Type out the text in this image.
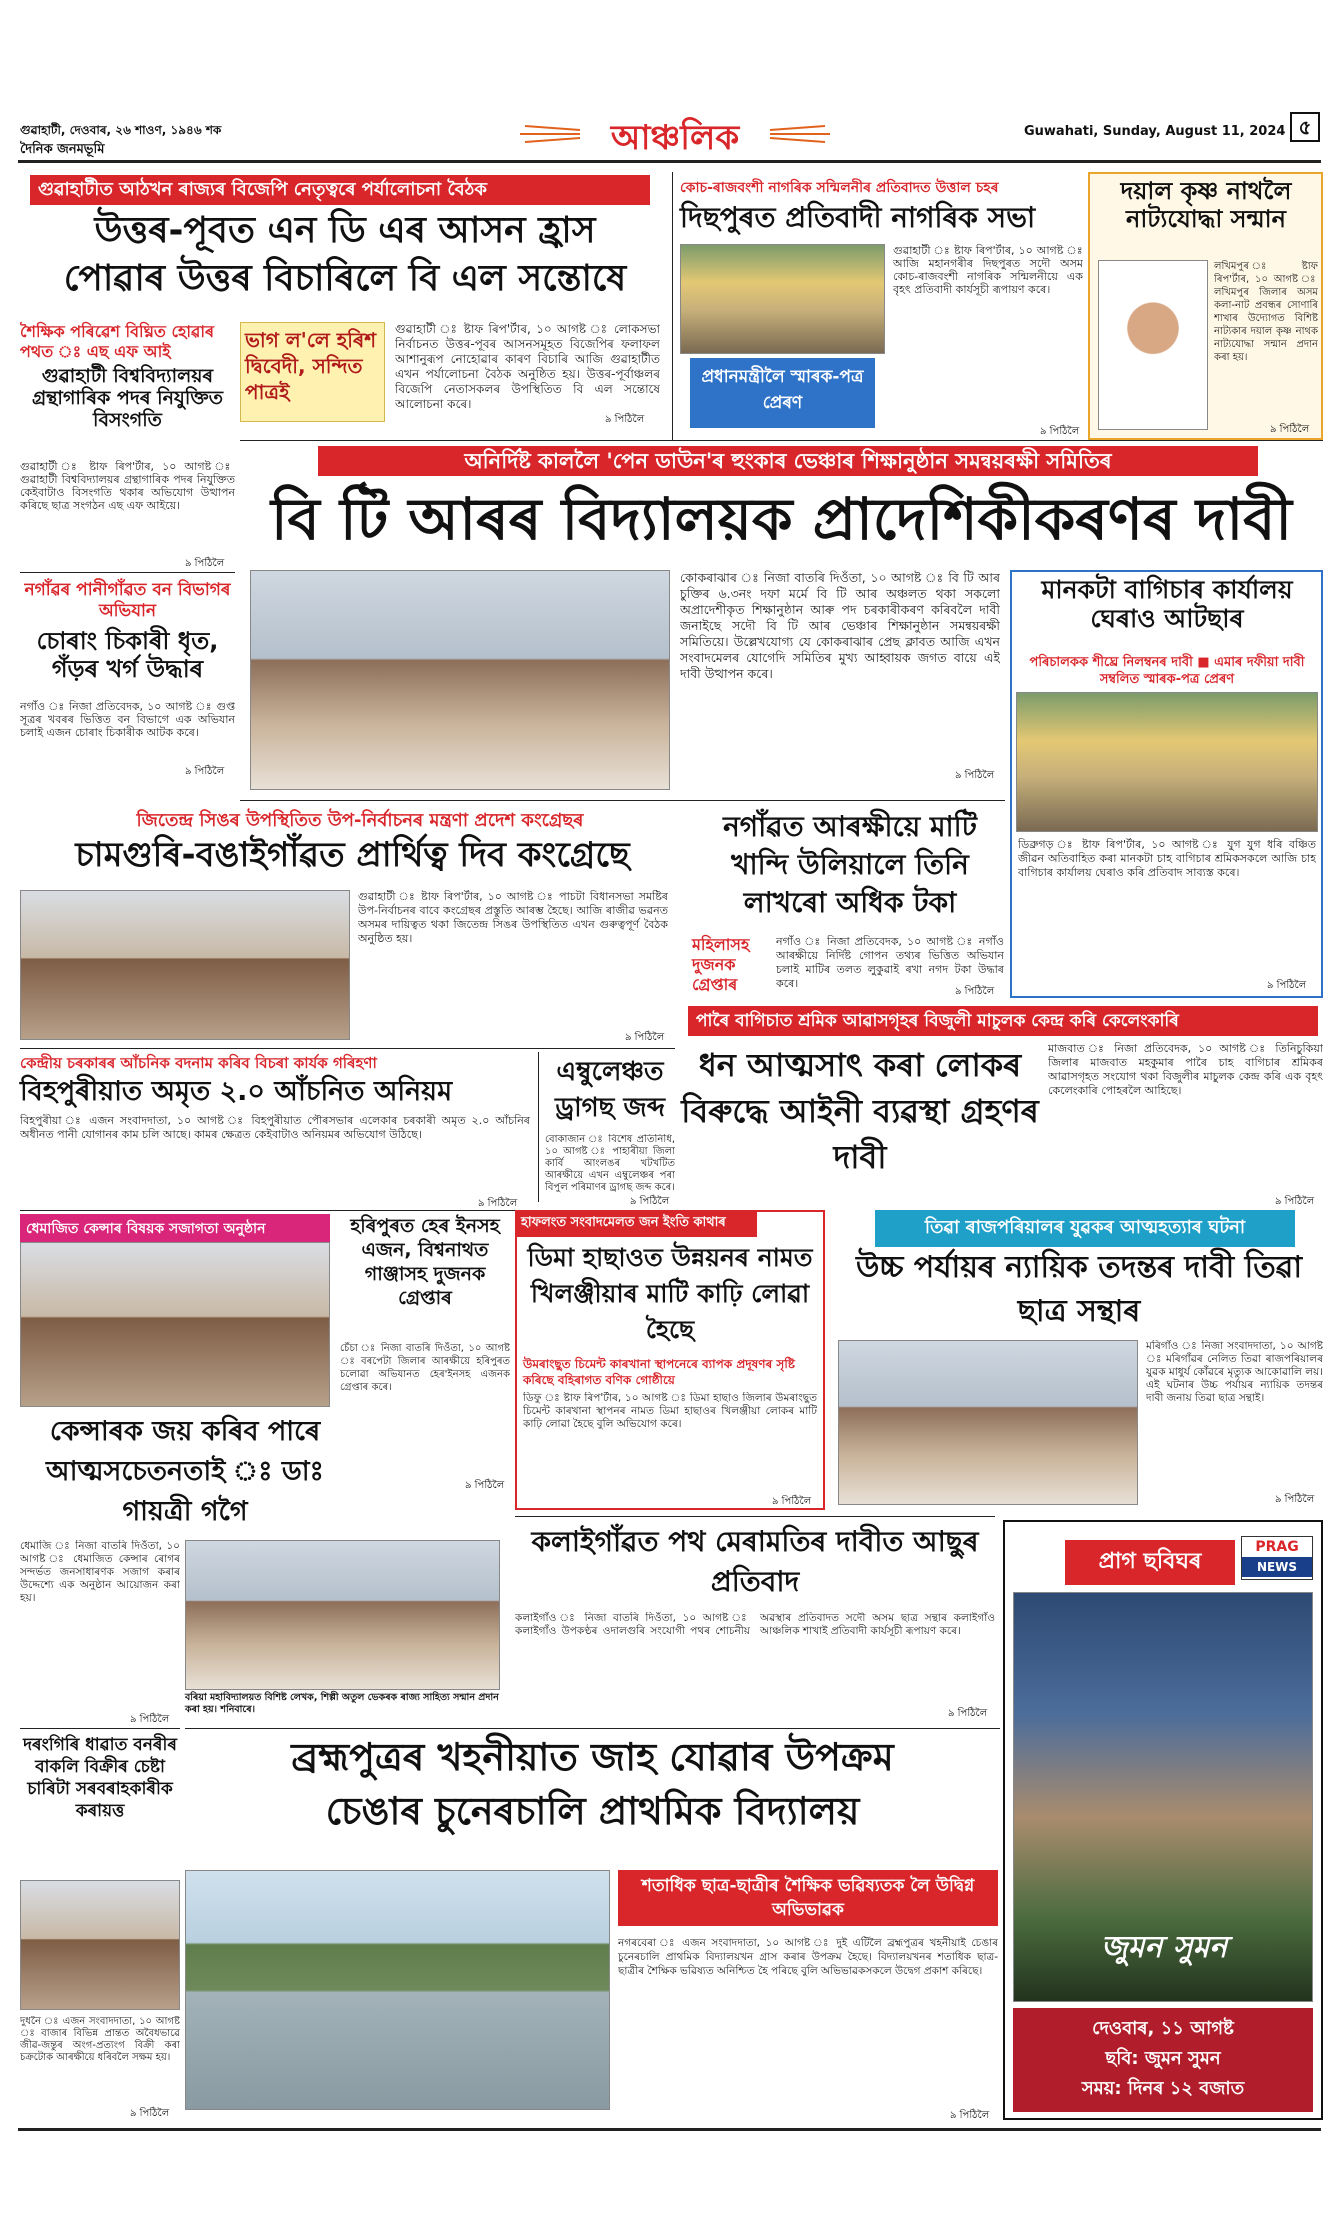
গুৱাহাটী, দেওবাৰ, ২৬ শাওণ, ১৯৪৬ শক
দৈনিক জনমভূমি	আঞ্চলিক	Guwahati, Sunday, August 11, 2024 ৫
গুৱাহাটীত আঠখন ৰাজ্যৰ বিজেপি নেতৃত্বৰে পৰ্যালোচনা বৈঠক
উত্তৰ-পূবত এন ডি এৰ আসন হ্ৰাস
পোৱাৰ উত্তৰ বিচাৰিলে বি এল সন্তোষে
ভাগ ল'লে হৰিশ দ্বিবেদী, সন্দিত পাত্ৰই
গুৱাহাটী ঃ ষ্টাফ ৰিপ'ৰ্টাৰ, ১০ আগষ্ট ঃ লোকসভা নিৰ্বাচনত উত্তৰ-পূবৰ আসনসমূহত বিজেপিৰ ফলাফল আশানুৰূপ নোহোৱাৰ কাৰণ বিচাৰি আজি গুৱাহাটীত এখন পৰ্যালোচনা বৈঠক অনুষ্ঠিত হয়। উত্তৰ-পূৰ্বাঞ্চলৰ বিজেপি নেতাসকলৰ উপস্থিতিত বি এল সন্তোষে আলোচনা কৰে।
৯ পিঠিলৈ
শৈক্ষিক পৰিৱেশ বিঘ্নিত হোৱাৰ পথত ঃ এছ এফ আই
গুৱাহাটী বিশ্ববিদ্যালয়ৰ গ্ৰন্থাগাৰিক পদৰ নিযুক্তিত বিসংগতি
গুৱাহাটী ঃ ষ্টাফ ৰিপ'ৰ্টাৰ, ১০ আগষ্ট ঃ গুৱাহাটী বিশ্ববিদ্যালয়ৰ গ্ৰন্থাগাৰিক পদৰ নিযুক্তিত কেইবাটাও বিসংগতি থকাৰ অভিযোগ উত্থাপন কৰিছে ছাত্ৰ সংগঠন এছ এফ আইয়ে।
৯ পিঠিলৈ
নগাঁৱৰ পানীগাঁৱত বন বিভাগৰ অভিযান
চোৰাং চিকাৰী ধৃত, গঁড়ৰ খৰ্গ উদ্ধাৰ
নগাঁও ঃ নিজা প্ৰতিবেদক, ১০ আগষ্ট ঃ গুপ্ত সূত্ৰৰ খবৰৰ ভিত্তিত বন বিভাগে এক অভিযান চলাই এজন চোৰাং চিকাৰীক আটক কৰে।
৯ পিঠিলৈ
কোচ-ৰাজবংশী নাগৰিক সন্মিলনীৰ প্ৰতিবাদত উত্তাল চহৰ
দিছপুৰত প্ৰতিবাদী নাগৰিক সভা
প্ৰধানমন্ত্ৰীলৈ স্মাৰক-পত্ৰ প্ৰেৰণ
গুৱাহাটী ঃ ষ্টাফ ৰিপ'ৰ্টাৰ, ১০ আগষ্ট ঃ আজি মহানগৰীৰ দিছপুৰত সদৌ অসম কোচ-ৰাজবংশী নাগৰিক সন্মিলনীয়ে এক বৃহৎ প্ৰতিবাদী কাৰ্যসূচী ৰূপায়ণ কৰে।
৯ পিঠিলৈ
দয়াল কৃষ্ণ নাথলৈ নাট্যযোদ্ধা সন্মান
লখিমপুৰ ঃ ষ্টাফ ৰিপ'ৰ্টাৰ, ১০ আগষ্ট ঃ লখিমপুৰ জিলাৰ অসম কলা-নাট প্ৰবন্ধৰ সোণাৰি শাখাৰ উদ্যোগত বিশিষ্ট নাট্যকাৰ দয়াল কৃষ্ণ নাথক নাট্যযোদ্ধা সন্মান প্ৰদান কৰা হয়।
৯ পিঠিলৈ
অনিৰ্দিষ্ট কাললৈ 'পেন ডাউন'ৰ হুংকাৰ ভেঞ্চাৰ শিক্ষানুষ্ঠান সমন্বয়ৰক্ষী সমিতিৰ
বি টি আৰৰ বিদ্যালয়ক প্ৰাদেশিকীকৰণৰ দাবী
কোকৰাঝাৰ ঃ নিজা বাতৰি দিওঁতা, ১০ আগষ্ট ঃ বি টি আৰ চুক্তিৰ ৬.৩নং দফা মৰ্মে বি টি আৰ অঞ্চলত থকা সকলো অপ্ৰাদেশীকৃত শিক্ষানুষ্ঠান আৰু পদ চৰকাৰীকৰণ কৰিবলৈ দাবী জনাইছে সদৌ বি টি আৰ ভেঞ্চাৰ শিক্ষানুষ্ঠান সমন্বয়ৰক্ষী সমিতিয়ে। উল্লেখযোগ্য যে কোকৰাঝাৰ প্ৰেছ ক্লাবত আজি এখন সংবাদমেলৰ যোগেদি সমিতিৰ মুখ্য আহ্বায়ক জগত বায়ে এই দাবী উত্থাপন কৰে।
৯ পিঠিলৈ
মানকটা বাগিচাৰ কাৰ্যালয় ঘেৰাও আটছাৰ
পৰিচালকক শীঘ্ৰে নিলম্বনৰ দাবী ■ এমাৰ দফীয়া দাবী সম্বলিত স্মাৰক-পত্ৰ প্ৰেৰণ
ডিব্ৰুগড় ঃ ষ্টাফ ৰিপ'ৰ্টাৰ, ১০ আগষ্ট ঃ যুগ যুগ ধৰি বঞ্চিত জীৱন অতিবাহিত কৰা মানকটা চাহ বাগিচাৰ শ্ৰমিকসকলে আজি চাহ বাগিচাৰ কাৰ্যালয় ঘেৰাও কৰি প্ৰতিবাদ সাব্যস্ত কৰে।
৯ পিঠিলৈ
জিতেন্দ্ৰ সিঙৰ উপস্থিতিত উপ-নিৰ্বাচনৰ মন্ত্ৰণা প্ৰদেশ কংগ্ৰেছৰ
চামগুৰি-বঙাইগাঁৱত প্ৰাৰ্থিত্ব দিব কংগ্ৰেছে
গুৱাহাটী ঃ ষ্টাফ ৰিপ'ৰ্টাৰ, ১০ আগষ্ট ঃ পাচটা বিধানসভা সমষ্টিৰ উপ-নিৰ্বাচনৰ বাবে কংগ্ৰেছৰ প্ৰস্তুতি আৰম্ভ হৈছে। আজি ৰাজীৱ ভৱনত অসমৰ দায়িত্বত থকা জিতেন্দ্ৰ সিঙৰ উপস্থিতিত এখন গুৰুত্বপূৰ্ণ বৈঠক অনুষ্ঠিত হয়।
৯ পিঠিলৈ
নগাঁৱত আৰক্ষীয়ে মাটি খান্দি উলিয়ালে তিনি লাখৰো অধিক টকা
মহিলাসহ দুজনক গ্ৰেপ্তাৰ
নগাঁও ঃ নিজা প্ৰতিবেদক, ১০ আগষ্ট ঃ নগাঁও আৰক্ষীয়ে নিৰ্দিষ্ট গোপন তথ্যৰ ভিত্তিত অভিযান চলাই মাটিৰ তলত লুকুৱাই ৰখা নগদ টকা উদ্ধাৰ কৰে।
৯ পিঠিলৈ
পাৰৈ বাগিচাত শ্ৰমিক আৱাসগৃহৰ বিজুলী মাচুলক কেন্দ্ৰ কৰি কেলেংকাৰি
ধন আত্মসাৎ কৰা লোকৰ বিৰুদ্ধে আইনী ব্যৱস্থা গ্ৰহণৰ দাবী
মাজবাত ঃ নিজা প্ৰতিবেদক, ১০ আগষ্ট ঃ তিনিচুকিয়া জিলাৰ মাজবাত মহকুমাৰ পাৰৈ চাহ বাগিচাৰ শ্ৰমিকৰ আৱাসগৃহত সংযোগ থকা বিজুলীৰ মাচুলক কেন্দ্ৰ কৰি এক বৃহৎ কেলেংকাৰি পোহৰলৈ আহিছে।
৯ পিঠিলৈ
কেন্দ্ৰীয় চৰকাৰৰ আঁচনিক বদনাম কৰিব বিচৰা কাৰ্যক গৰিহণা
বিহপুৰীয়াত অমৃত ২.০ আঁচনিত অনিয়ম
বিহপুৰীয়া ঃ এজন সংবাদদাতা, ১০ আগষ্ট ঃ বিহপুৰীয়াত পৌৰসভাৰ এলেকাৰ চৰকাৰী অমৃত ২.০ আঁচনিৰ অধীনত পানী যোগানৰ কাম চলি আছে। কামৰ ক্ষেত্ৰত কেইবাটাও অনিয়মৰ অভিযোগ উঠিছে।
৯ পিঠিলৈ
এম্বুলেঞ্চত ড্ৰাগছ জব্দ
বোকাজান ঃ বিশেষ প্ৰতিনিধি, ১০ আগষ্ট ঃ পাহাৰীয়া জিলা কাৰ্বি আংলঙৰ খটখটিত আৰক্ষীয়ে এখন এম্বুলেঞ্চৰ পৰা বিপুল পৰিমাণৰ ড্ৰাগছ জব্দ কৰে।
৯ পিঠিলৈ
ধেমাজিত কেন্সাৰ বিষয়ক সজাগতা অনুষ্ঠান
কেন্সাৰক জয় কৰিব পাৰে আত্মসচেতনতাই ঃ ডাঃ গায়ত্ৰী গগৈ
ধেমাজি ঃ নিজা বাতৰি দিওঁতা, ১০ আগষ্ট ঃ ধেমাজিত কেন্সাৰ ৰোগৰ সন্দৰ্ভত জনসাধাৰণক সজাগ কৰাৰ উদ্দেশ্যে এক অনুষ্ঠান আয়োজন কৰা হয়।
৯ পিঠিলৈ
হৰিপুৰত হেৰ ইনসহ এজন, বিশ্বনাথত গাঞ্জাসহ দুজনক গ্ৰেপ্তাৰ
চেঁচা ঃ নিজা বাতৰি দিওঁতা, ১০ আগষ্ট ঃ বৰপেটা জিলাৰ আৰক্ষীয়ে হৰিপুৰত চলোৱা অভিযানত হেৰ'ইনসহ এজনক গ্ৰেপ্তাৰ কৰে।
৯ পিঠিলৈ
বৰিয়া মহাবিদ্যালয়ত বিশিষ্ট লেখক, শিল্পী অতুল ভেকৰক ৰাজ্য সাহিত্য সন্মান প্ৰদান কৰা হয়। শনিবাৰে।
হাফলংত সংবাদমেলত জন ইংতি কাথাৰ
ডিমা হাছাওত উন্নয়নৰ নামত খিলঞ্জীয়াৰ মাটি কাঢ়ি লোৱা হৈছে
উমৰাংছুত চিমেন্ট কাৰখানা স্থাপনেৰে ব্যাপক প্ৰদূষণৰ সৃষ্টি কৰিছে বহিৰাগত বণিক গোষ্ঠীয়ে
ডিফু ঃ ষ্টাফ ৰিপ'ৰ্টাৰ, ১০ আগষ্ট ঃ ডিমা হাছাও জিলাৰ উমৰাংছুত চিমেন্ট কাৰখানা স্থাপনৰ নামত ডিমা হাছাওৰ খিলঞ্জীয়া লোকৰ মাটি কাঢ়ি লোৱা হৈছে বুলি অভিযোগ কৰে।
৯ পিঠিলৈ
তিৱা ৰাজপৰিয়ালৰ যুৱকৰ আত্মহত্যাৰ ঘটনা
উচ্চ পৰ্যায়ৰ ন্যায়িক তদন্তৰ দাবী তিৱা ছাত্ৰ সন্থাৰ
মৰিগাঁও ঃ নিজা সংবাদদাতা, ১০ আগষ্ট ঃ মৰিগাঁৱৰ নেলিত তিৱা ৰাজপৰিয়ালৰ যুৱক মাধুৰ্য কোঁৱৰে মৃত্যুক আকোৱালি লয়। এই ঘটনাৰ উচ্চ পৰ্যায়ৰ ন্যায়িক তদন্তৰ দাবী জনায় তিৱা ছাত্ৰ সন্থাই।
৯ পিঠিলৈ
কলাইগাঁৱত পথ মেৰামতিৰ দাবীত আছুৰ প্ৰতিবাদ
কলাইগাঁও ঃ নিজা বাতৰি দিওঁতা, ১০ আগষ্ট ঃ কলাইগাঁও উপকণ্ঠৰ ওদালগুৰি সংযোগী পথৰ শোচনীয় অৱস্থাৰ প্ৰতিবাদত সদৌ অসম ছাত্ৰ সন্থাৰ কলাইগাঁও আঞ্চলিক শাখাই প্ৰতিবাদী কাৰ্যসূচী ৰূপায়ণ কৰে।
৯ পিঠিলৈ
প্ৰাগ ছবিঘৰ
PRAG
NEWS
জুমন সুমন
দেওবাৰ, ১১ আগষ্ট
ছবি: জুমন সুমন
সময়: দিনৰ ১২ বজাত
দৰংগিৰি ধাৱাত বনৰীৰ বাকলি বিক্ৰীৰ চেষ্টা চাৰিটা সৰবৰাহকাৰীক কৰায়ত্ত
দুধনৈ ঃ এজন সংবাদদাতা, ১০ আগষ্ট ঃ বাজাৰ বিভিন্ন প্ৰান্তত অবৈধভাৱে জীৱ-জন্তুৰ অংগ-প্ৰত্যংগ বিক্ৰী কৰা চক্ৰটোক আৰক্ষীয়ে ধৰিবলৈ সক্ষম হয়।
৯ পিঠিলৈ
ব্ৰহ্মপুত্ৰৰ খহনীয়াত জাহ যোৱাৰ উপক্ৰম
চেঙাৰ চুনেৰচালি প্ৰাথমিক বিদ্যালয়
শতাধিক ছাত্ৰ-ছাত্ৰীৰ শৈক্ষিক ভৱিষ্যতক লৈ উদ্বিগ্ন অভিভাৱক
নগৰবেৰা ঃ এজন সংবাদদাতা, ১০ আগষ্ট ঃ দুই এটিলৈ ব্ৰহ্মপুত্ৰৰ খহনীয়াই চেঙাৰ চুনেৰচালি প্ৰাথমিক বিদ্যালয়খন গ্ৰাস কৰাৰ উপক্ৰম হৈছে। বিদ্যালয়খনৰ শতাধিক ছাত্ৰ-ছাত্ৰীৰ শৈক্ষিক ভৱিষ্যত অনিশ্চিত হৈ পৰিছে বুলি অভিভাৱকসকলে উদ্বেগ প্ৰকাশ কৰিছে।
৯ পিঠিলৈ
